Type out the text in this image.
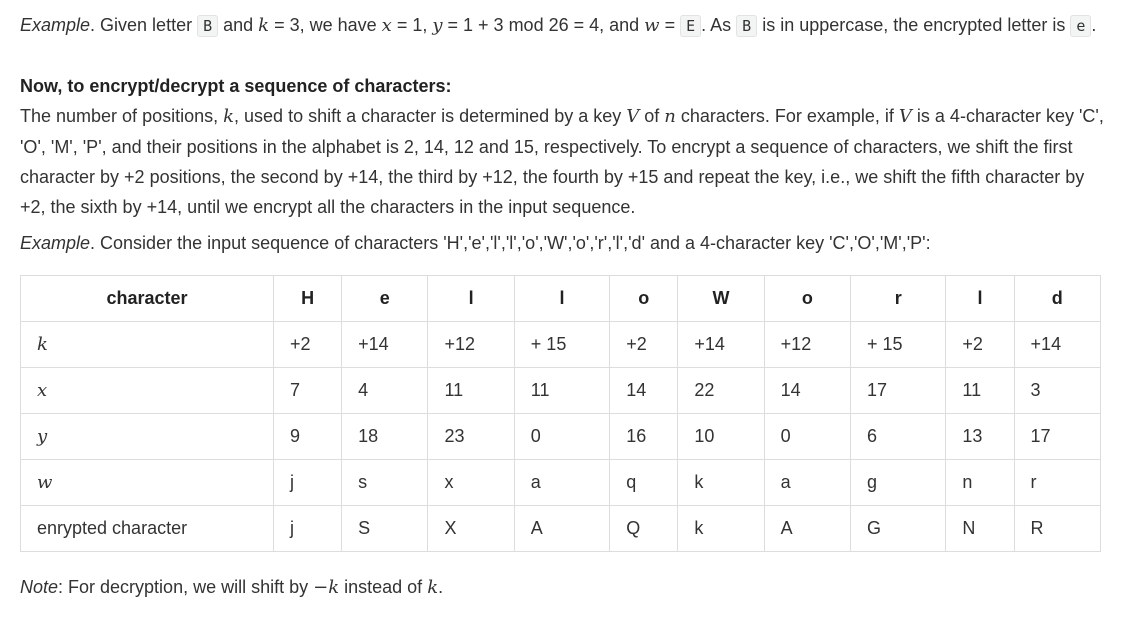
Example. Given letter B and k = 3, we have x = 1, y = 1 + 3 mod 26 = 4, and w = E . As B is in uppercase, the encrypted letter is e .

Now, to encrypt/decrypt a sequence of characters:

The number of positions, k, used to shift a character is determined by a key V of n characters. For example, if V is a 4-character key 'C', 'O', 'M', 'P', and their positions in the alphabet is 2, 14, 12 and 15, respectively. To encrypt a sequence of characters, we shift the first character by +2 positions, the second by +14, the third by +12, the fourth by +15 and repeat the key, i.e., we shift the fifth character by +2, the sixth by +14, until we encrypt all the characters in the input sequence.

Example. Consider the input sequence of characters 'H','e','l','l','o','W','o','r','l','d' and a 4-character key 'C','O','M','P':

character	H	e	l	l	o	W	o	r	l	d
k	+2	+14	+12	+ 15	+2	+14	+12	+ 15	+2	+14
x	7	4	11	11	14	22	14	17	11	3
y	9	18	23	0	16	10	0	6	13	17
w	j	s	x	a	q	k	a	g	n	r
enrypted character	j	S	X	A	Q	k	A	G	N	R

Note: For decryption, we will shift by −k instead of k.
